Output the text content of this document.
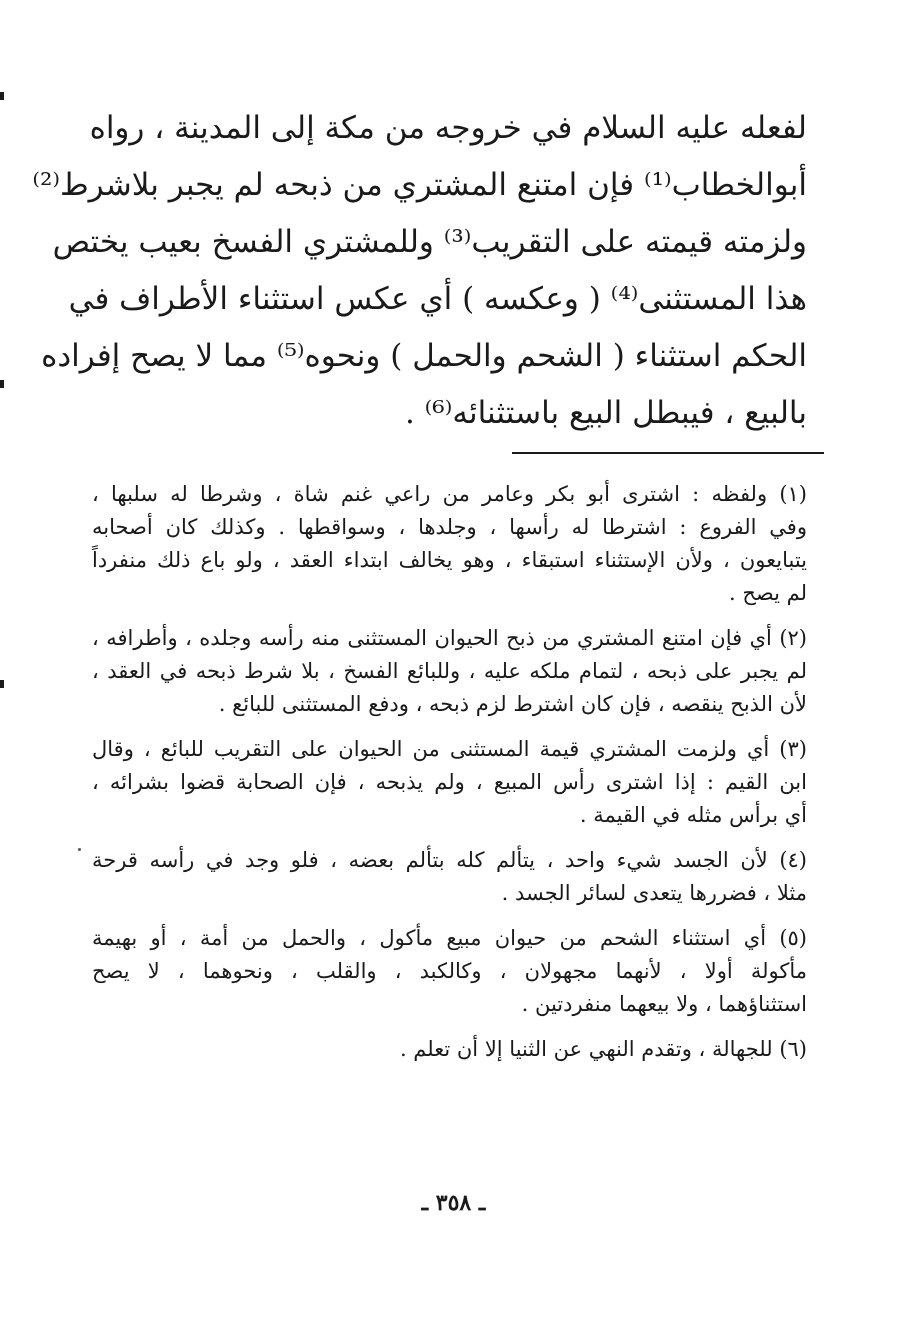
لفعله عليه السلام في خروجه من مكة إلى المدينة ، رواه
أبوالخطاب⁽¹⁾ فإن امتنع المشتري من ذبحه لم يجبر بلاشرط⁽²⁾
ولزمته قيمته على التقريب⁽³⁾ وللمشتري الفسخ بعيب يختص
هذا المستثنى⁽⁴⁾ ( وعكسه ) أي عكس استثناء الأطراف في
الحكم استثناء ( الشحم والحمل ) ونحوه⁽⁵⁾ مما لا يصح إفراده
بالبيع ، فيبطل البيع باستثنائه⁽⁶⁾ .
(١) ولفظه : اشترى أبو بكر وعامر من راعي غنم شاة ، وشرطا له سلبها ،
وفي الفروع : اشترطا له رأسها ، وجلدها ، وسواقطها . وكذلك كان أصحابه
يتبايعون ، ولأن الإستثناء استبقاء ، وهو يخالف ابتداء العقد ، ولو باع ذلك منفرداً
لم يصح .
(٢) أي فإن امتنع المشتري من ذبح الحيوان المستثنى منه رأسه وجلده ، وأطرافه ،
لم يجبر على ذبحه ، لتمام ملكه عليه ، وللبائع الفسخ ، بلا شرط ذبحه في العقد ،
لأن الذبح ينقصه ، فإن كان اشترط لزم ذبحه ، ودفع المستثنى للبائع .
(٣) أي ولزمت المشتري قيمة المستثنى من الحيوان على التقريب للبائع ، وقال
ابن القيم : إذا اشترى رأس المبيع ، ولم يذبحه ، فإن الصحابة قضوا بشرائه ،
أي برأس مثله في القيمة .
(٤) لأن الجسد شيء واحد ، يتألم كله بتألم بعضه ، فلو وجد في رأسه قرحة
مثلا ، فضررها يتعدى لسائر الجسد .
(٥) أي استثناء الشحم من حيوان مبيع مأكول ، والحمل من أمة ، أو بهيمة
مأكولة أولا ، لأنهما مجهولان ، وكالكبد ، والقلب ، ونحوهما ، لا يصح
استثناؤهما ، ولا بيعهما منفردتين .
(٦) للجهالة ، وتقدم النهي عن الثنيا إلا أن تعلم .
ـ ٣٥٨ ـ
